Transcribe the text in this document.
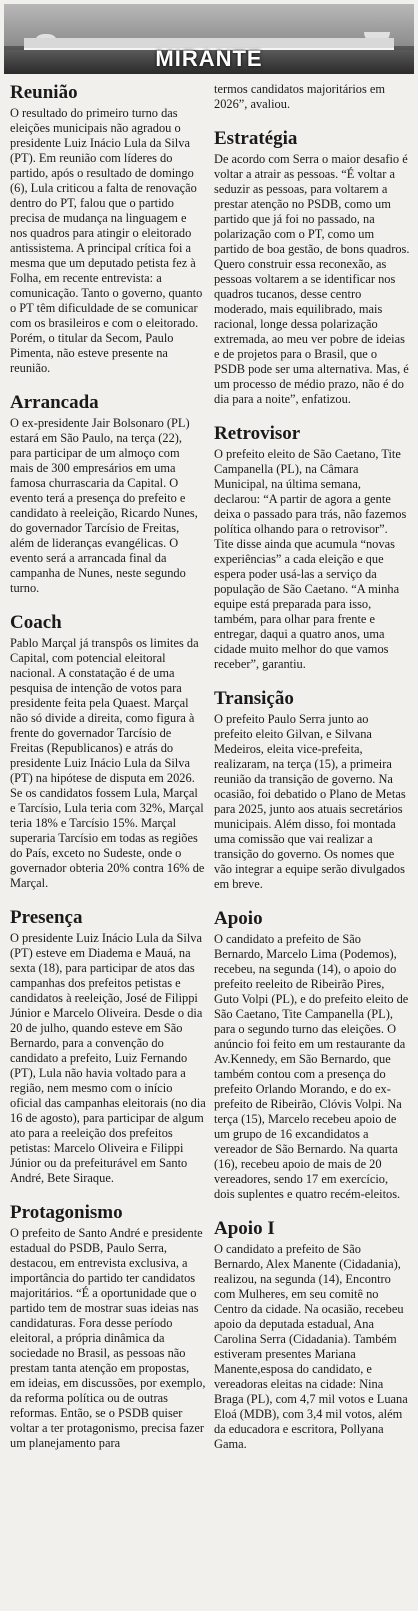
MIRANTE
Reunião

O resultado do primeiro turno das eleições municipais não agradou o presidente Luiz Inácio Lula da Silva (PT). Em reunião com líderes do partido, após o resultado de domingo (6), Lula criticou a falta de renovação dentro do PT, falou que o partido precisa de mudança na linguagem e nos quadros para atingir o eleitorado antissistema. A principal crítica foi a mesma que um deputado petista fez à Folha, em recente entrevista: a comunicação. Tanto o governo, quanto o PT têm dificuldade de se comunicar com os brasileiros e com o eleitorado. Porém, o titular da Secom, Paulo Pimenta, não esteve presente na reunião.

Arrancada

O ex-presidente Jair Bolsonaro (PL) estará em São Paulo, na terça (22), para participar de um almoço com mais de 300 empresários em uma famosa churrascaria da Capital. O evento terá a presença do prefeito e candidato à reeleição, Ricardo Nunes, do governador Tarcísio de Freitas, além de lideranças evangélicas. O evento será a arrancada final da campanha de Nunes, neste segundo turno.

Coach

Pablo Marçal já transpôs os limites da Capital, com potencial eleitoral nacional. A constatação é de uma pesquisa de intenção de votos para presidente feita pela Quaest. Marçal não só divide a direita, como figura à frente do governador Tarcísio de Freitas (Republicanos) e atrás do presidente Luiz Inácio Lula da Silva (PT) na hipótese de disputa em 2026. Se os candidatos fossem Lula, Marçal e Tarcísio, Lula teria com 32%, Marçal teria 18% e Tarcísio 15%. Marçal superaria Tarcísio em todas as regiões do País, exceto no Sudeste, onde o governador obteria 20% contra 16% de Marçal.

Presença

O presidente Luiz Inácio Lula da Silva (PT) esteve em Diadema e Mauá, na sexta (18), para participar de atos das campanhas dos prefeitos petistas e candidatos à reeleição, José de Filippi Júnior e Marcelo Oliveira. Desde o dia 20 de julho, quando esteve em São Bernardo, para a convenção do candidato a prefeito, Luiz Fernando (PT), Lula não havia voltado para a região, nem mesmo com o início oficial das campanhas eleitorais (no dia 16 de agosto), para participar de algum ato para a reeleição dos prefeitos petistas: Marcelo Oliveira e Filippi Júnior ou da prefeiturável em Santo André, Bete Siraque.

Protagonismo

O prefeito de Santo André e presidente estadual do PSDB, Paulo Serra, destacou, em entrevista exclusiva, a importância do partido ter candidatos majoritários. “É a oportunidade que o partido tem de mostrar suas ideias nas candidaturas. Fora desse período eleitoral, a própria dinâmica da sociedade no Brasil, as pessoas não prestam tanta atenção em propostas, em ideias, em discussões, por exemplo, da reforma política ou de outras reformas. Então, se o PSDB quiser voltar a ter protagonismo, precisa fazer um planejamento para

termos candidatos majoritários em 2026”, avaliou.

Estratégia

De acordo com Serra o maior desafio é voltar a atrair as pessoas. “É voltar a seduzir as pessoas, para voltarem a prestar atenção no PSDB, como um partido que já foi no passado, na polarização com o PT, como um partido de boa gestão, de bons quadros. Quero construir essa reconexão, as pessoas voltarem a se identificar nos quadros tucanos, desse centro moderado, mais equilibrado, mais racional, longe dessa polarização extremada, ao meu ver pobre de ideias e de projetos para o Brasil, que o PSDB pode ser uma alternativa. Mas, é um processo de médio prazo, não é do dia para a noite”, enfatizou.

Retrovisor

O prefeito eleito de São Caetano, Tite Campanella (PL), na Câmara Municipal, na última semana, declarou: “A partir de agora a gente deixa o passado para trás, não fazemos política olhando para o retrovisor”. Tite disse ainda que acumula “novas experiências” a cada eleição e que espera poder usá-las a serviço da população de São Caetano. “A minha equipe está preparada para isso, também, para olhar para frente e entregar, daqui a quatro anos, uma cidade muito melhor do que vamos receber”, garantiu.

Transição

O prefeito Paulo Serra junto ao prefeito eleito Gilvan, e Silvana Medeiros, eleita vice-prefeita, realizaram, na terça (15), a primeira reunião da transição de governo. Na ocasião, foi debatido o Plano de Metas para 2025, junto aos atuais secretários municipais. Além disso, foi montada uma comissão que vai realizar a transição do governo. Os nomes que vão integrar a equipe serão divulgados em breve.

Apoio

O candidato a prefeito de São Bernardo, Marcelo Lima (Podemos), recebeu, na segunda (14), o apoio do prefeito reeleito de Ribeirão Pires, Guto Volpi (PL), e do prefeito eleito de São Caetano, Tite Campanella (PL), para o segundo turno das eleições. O anúncio foi feito em um restaurante da Av.Kennedy, em São Bernardo, que também contou com a presença do prefeito Orlando Morando, e do ex-prefeito de Ribeirão, Clóvis Volpi. Na terça (15), Marcelo recebeu apoio de um grupo de 16 excandidatos a vereador de São Bernardo. Na quarta (16), recebeu apoio de mais de 20 vereadores, sendo 17 em exercício, dois suplentes e quatro recém-eleitos.

Apoio I

O candidato a prefeito de São Bernardo, Alex Manente (Cidadania), realizou, na segunda (14), Encontro com Mulheres, em seu comitê no Centro da cidade. Na ocasião, recebeu apoio da deputada estadual, Ana Carolina Serra (Cidadania). Também estiveram presentes Mariana Manente,esposa do candidato, e vereadoras eleitas na cidade: Nina Braga (PL), com 4,7 mil votos e Luana Eloá (MDB), com 3,4 mil votos, além da educadora e escritora, Pollyana Gama.
